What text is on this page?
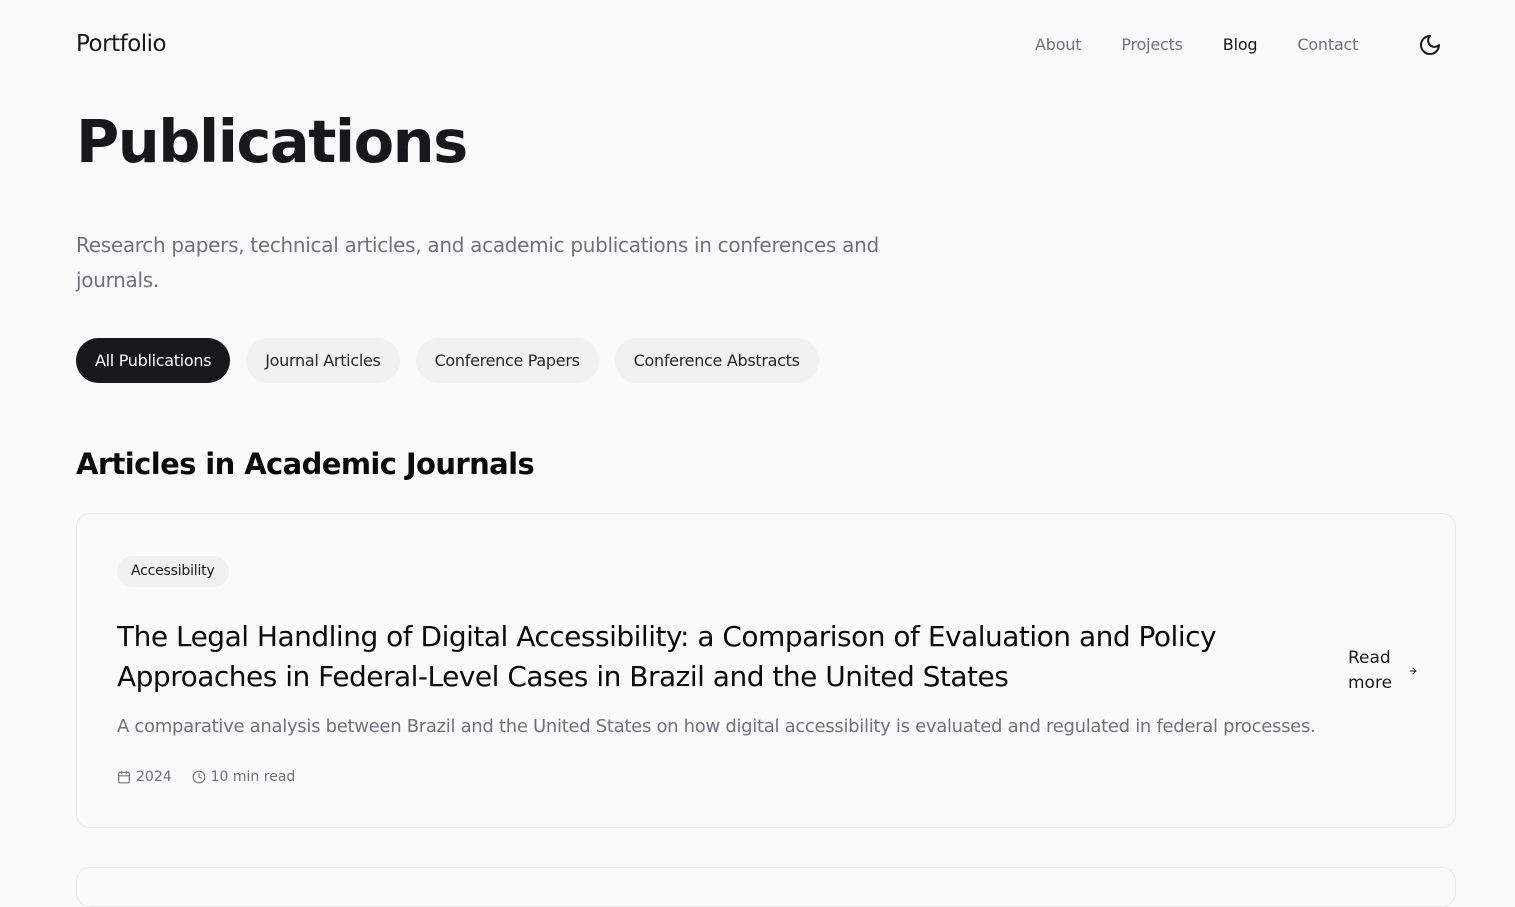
Portfolio	About	Projects	Blog	Contact
Publications

Research papers, technical articles, and academic publications in conferences and journals.

All Publications	Journal Articles	Conference Papers	Conference Abstracts
Articles in Academic Journals
Accessibility
The Legal Handling of Digital Accessibility: a Comparison of Evaluation and Policy Approaches in Federal-Level Cases in Brazil and the United States

A comparative analysis between Brazil and the United States on how digital accessibility is evaluated and regulated in federal processes.

2024	10 min read
Read more
